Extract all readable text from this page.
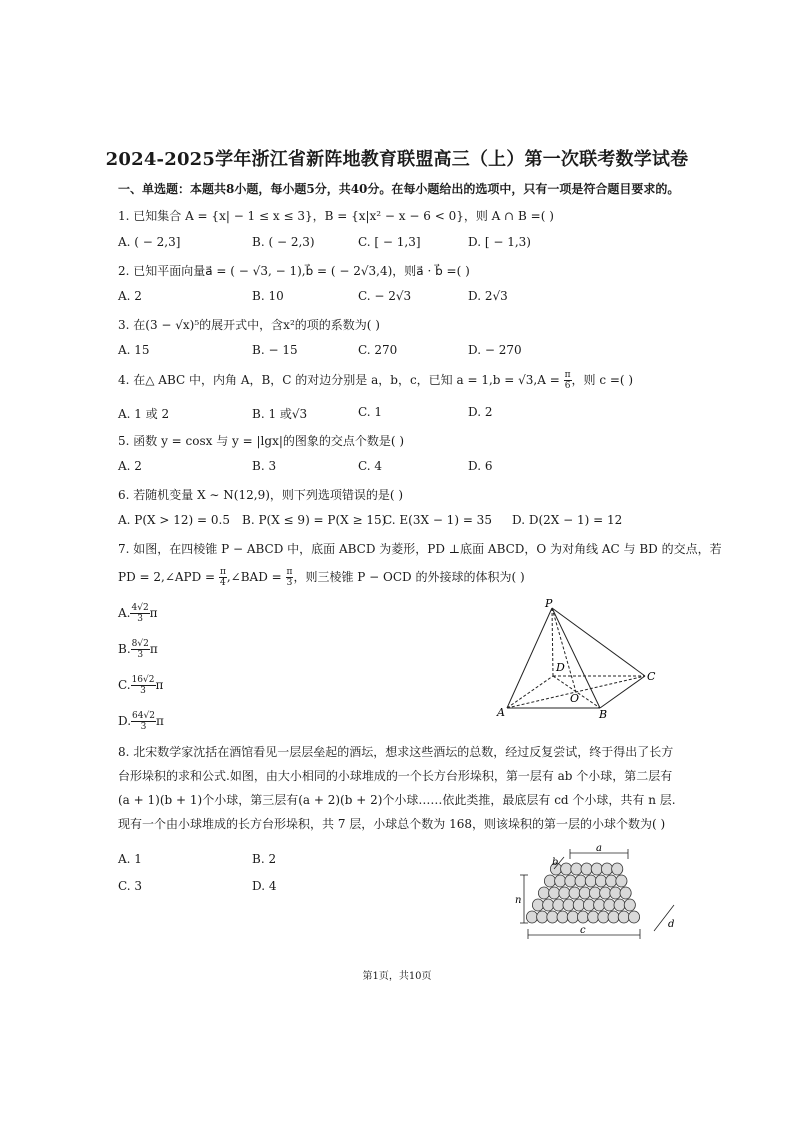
2024-2025学年浙江省新阵地教育联盟高三（上）第一次联考数学试卷
一、单选题：本题共8小题，每小题5分，共40分。在每小题给出的选项中，只有一项是符合题目要求的。
1. 已知集合 A = {x| − 1 ≤ x ≤ 3}，B = {x|x² − x − 6 < 0}，则 A ∩ B =( )
A. ( − 2,3]	B. ( − 2,3)	C. [ − 1,3]	D. [ − 1,3)
2. 已知平面向量a⃗ = ( − √3, − 1),b⃗ = ( − 2√3,4)，则a⃗ · b⃗ =( )
A. 2	B. 10	C. − 2√3	D. 2√3
3. 在(3 − √x)⁵的展开式中，含x²的项的系数为( )
A. 15	B. − 15	C. 270	D. − 270
4. 在△ ABC 中，内角 A，B，C 的对边分别是 a，b，c，已知 $a = 1,b = √3,A = \frac{\pi}{6}$ ，则 c =( )
A. 1 或 2	B. 1 或√3	C. 1	D. 2
5. 函数 y = cosx 与 y = |lgx|的图象的交点个数是( )
A. 2	B. 3	C. 4	D. 6
6. 若随机变量 X ∼ N(12,9)，则下列选项错误的是( )
A. P(X > 12) = 0.5 B. P(X ≤ 9) = P(X ≥ 15)
C. E(3X − 1) = 35 D. D(2X − 1) = 12
7. 如图，在四棱锥 P − ABCD 中，底面 ABCD 为菱形，PD ⊥底面 ABCD，O 为对角线 AC 与 BD 的交点，若
PD = 2,∠APD = $\frac{\pi}{4}$ ,∠BAD = $\frac{\pi}{3}$ ，则三棱锥 P − OCD 的外接球的体积为( )
A. $\frac{4√2}{3}$ π
B. $\frac{8√2}{3}$ π
C. $\frac{16√2}{3}$ π
D. $\frac{64√2}{3}$ π
P
D
C
O
A	B
8. 北宋数学家沈括在酒馆看见一层层垒起的酒坛，想求这些酒坛的总数，经过反复尝试，终于得出了长方台形垛积的求和公式.如图，由大小相同的小球堆成的一个长方台形垛积，第一层有 ab 个小球，第二层有(a + 1)(b + 1)个小球，第三层有(a + 2)(b + 2)个小球……依此类推，最底层有 cd 个小球，共有 n 层.现有一个由小球堆成的长方台形垛积，共 7 层，小球总个数为 168，则该垛积的第一层的小球个数为( )
A. 1	B. 2
C. 3	D. 4
a
b
n
c
d
第1页，共10页
